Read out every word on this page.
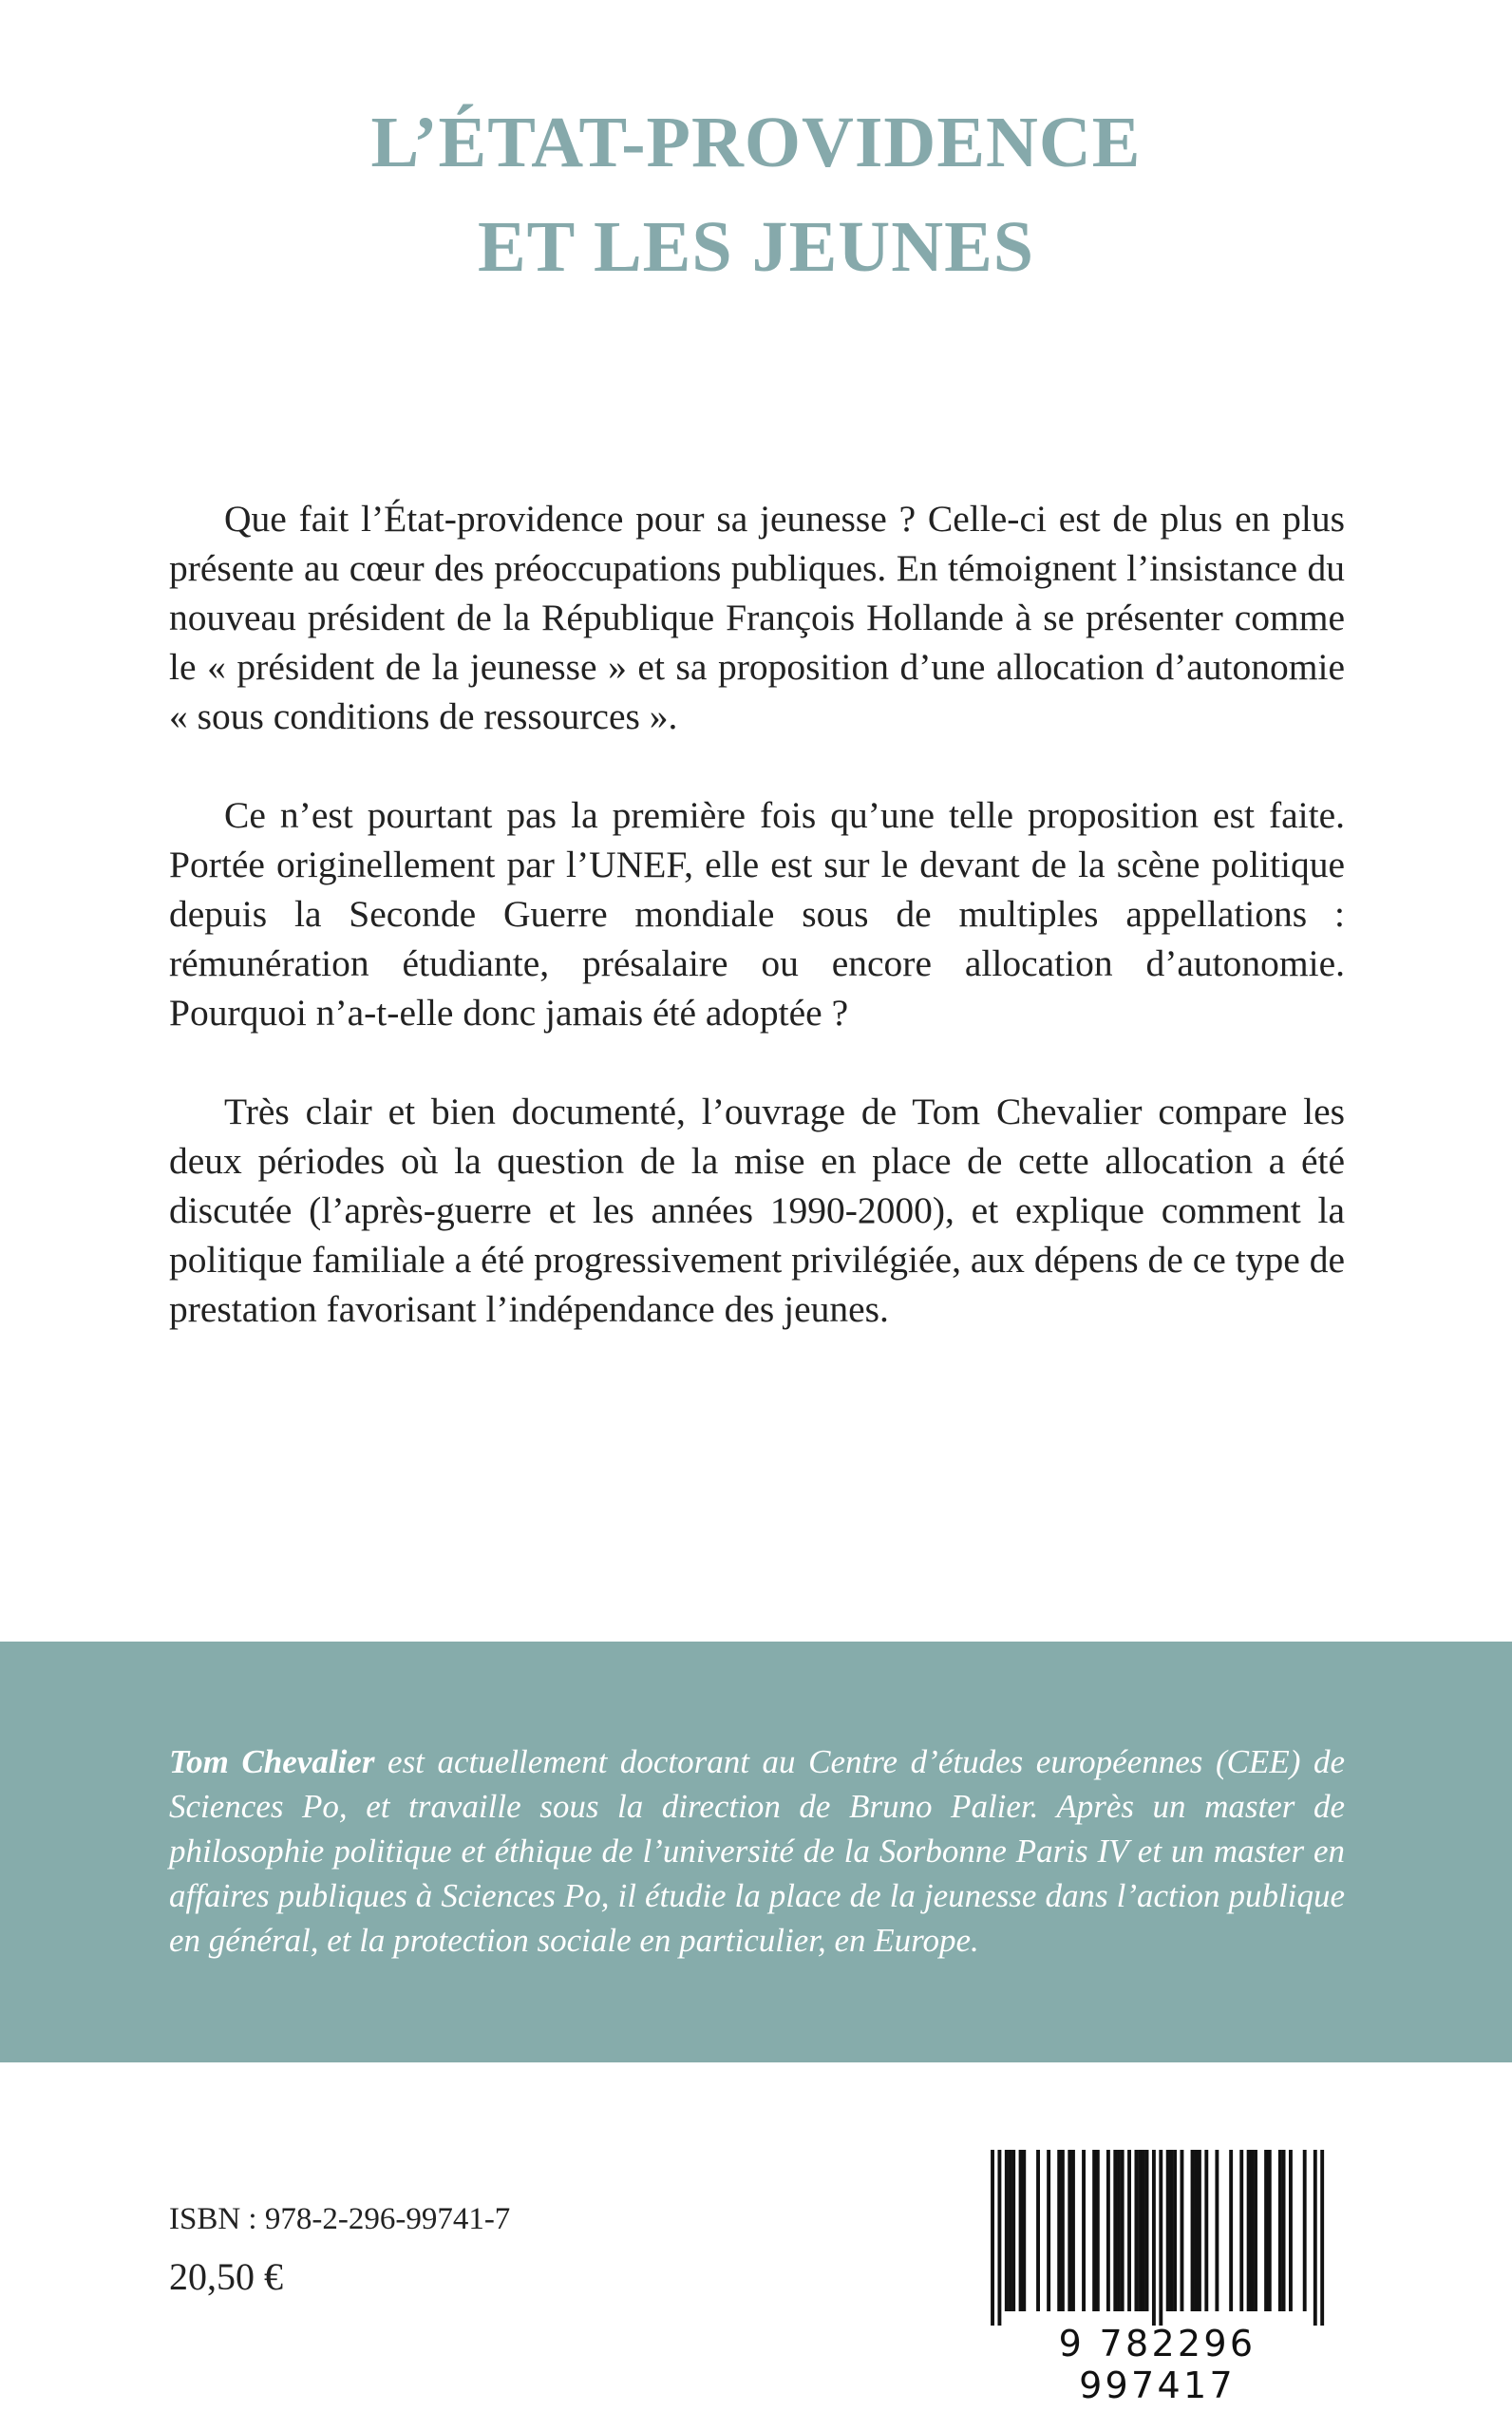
L’ÉTAT-PROVIDENCE
ET LES JEUNES

Que fait l’État-providence pour sa jeunesse ? Celle-ci est de plus en plus présente au cœur des préoccupations publiques. En témoignent l’insistance du nouveau président de la République François Hollande à se présenter comme le « président de la jeunesse » et sa proposition d’une allocation d’autonomie « sous conditions de ressources ».

Ce n’est pourtant pas la première fois qu’une telle proposition est faite. Portée originellement par l’UNEF, elle est sur le devant de la scène politique depuis la Seconde Guerre mondiale sous de multiples appellations : rémunération étudiante, présalaire ou encore allocation d’autonomie. Pourquoi n’a-t-elle donc jamais été adoptée ?

Très clair et bien documenté, l’ouvrage de Tom Chevalier compare les deux périodes où la question de la mise en place de cette allocation a été discutée (l’après-guerre et les années 1990-2000), et explique comment la politique familiale a été progressivement privilégiée, aux dépens de ce type de prestation favorisant l’indépendance des jeunes.

Tom Chevalier est actuellement doctorant au Centre d’études européennes (CEE) de Sciences Po, et travaille sous la direction de Bruno Palier. Après un master de philosophie politique et éthique de l’université de la Sorbonne Paris IV et un master en affaires publiques à Sciences Po, il étudie la place de la jeunesse dans l’action publique en général, et la protection sociale en particulier, en Europe.
ISBN : 978-2-296-99741-7
20,50 €
9 782296 997417
